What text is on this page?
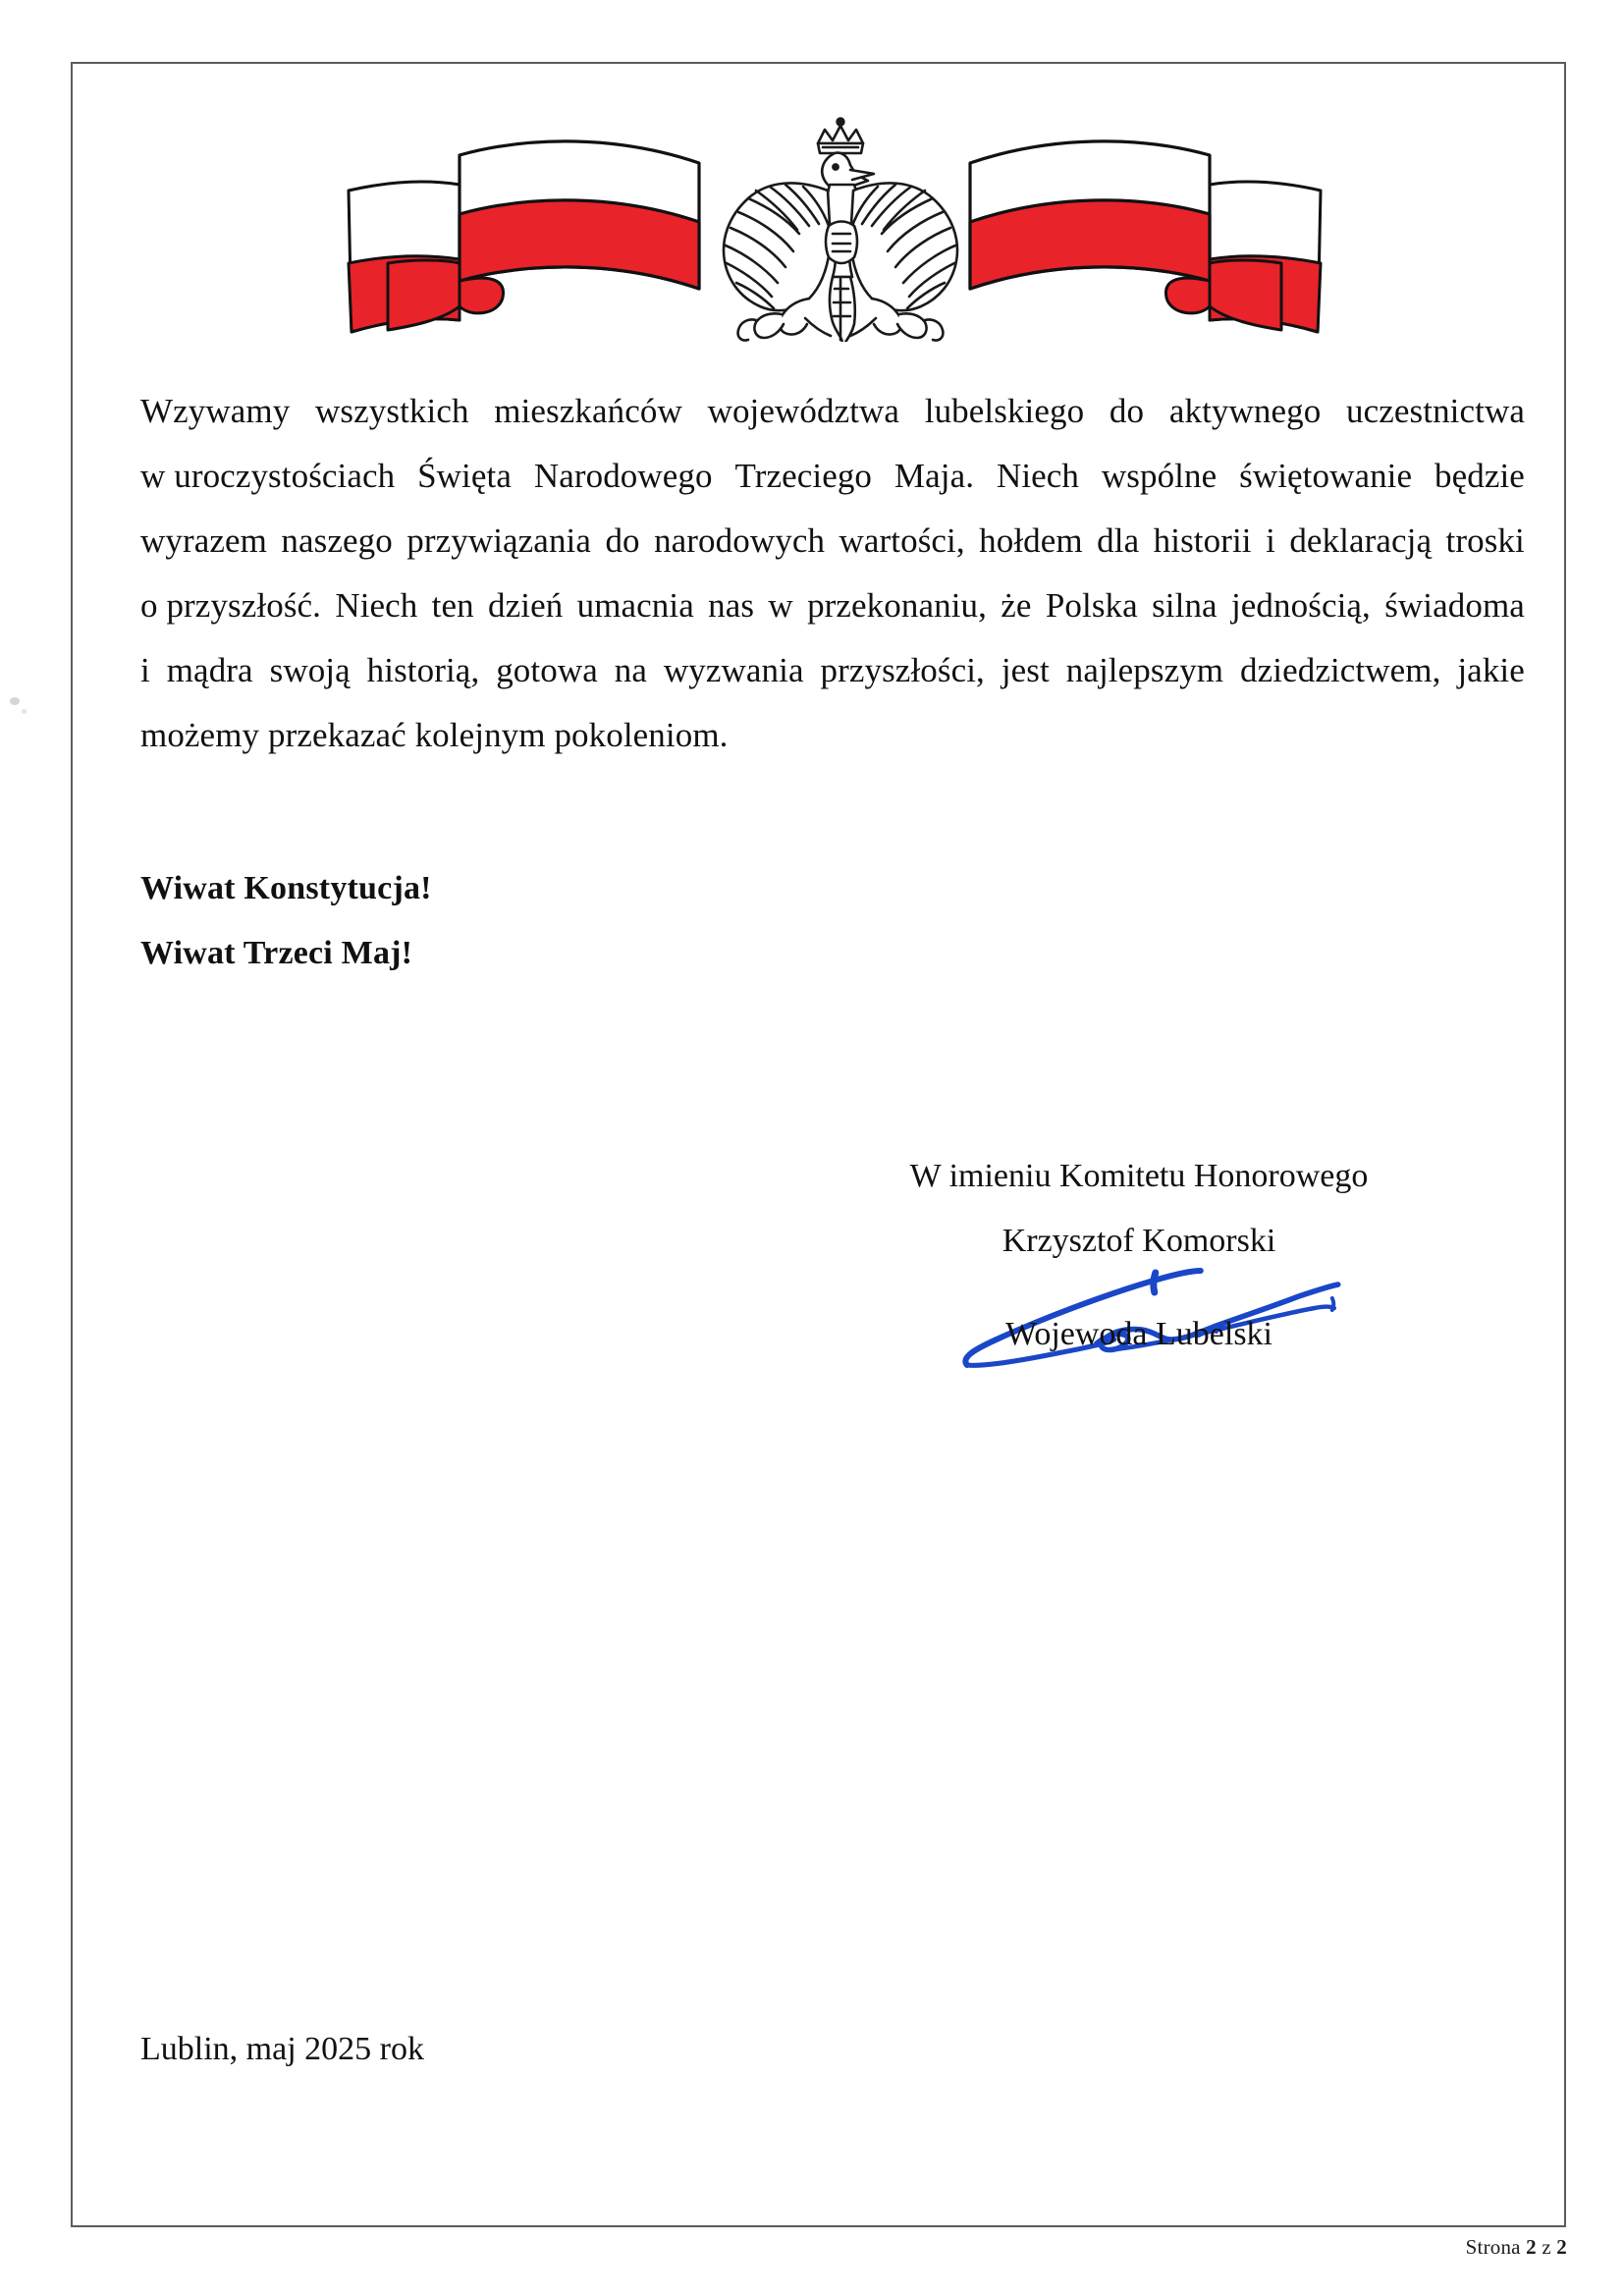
Wzywamy wszystkich mieszkańców województwa lubelskiego do aktywnego uczestnictwa
w uroczystościach Święta Narodowego Trzeciego Maja. Niech wspólne świętowanie będzie
wyrazem naszego przywiązania do narodowych wartości, hołdem dla historii i deklaracją troski
o przyszłość. Niech ten dzień umacnia nas w przekonaniu, że Polska silna jednością, świadoma
i mądra swoją historią, gotowa na wyzwania przyszłości, jest najlepszym dziedzictwem, jakie
możemy przekazać kolejnym pokoleniom.
Wiwat Konstytucja!
Wiwat Trzeci Maj!
W imieniu Komitetu Honorowego
Krzysztof Komorski
Wojewoda Lubelski
Lublin, maj 2025 rok
Strona 2 z 2
